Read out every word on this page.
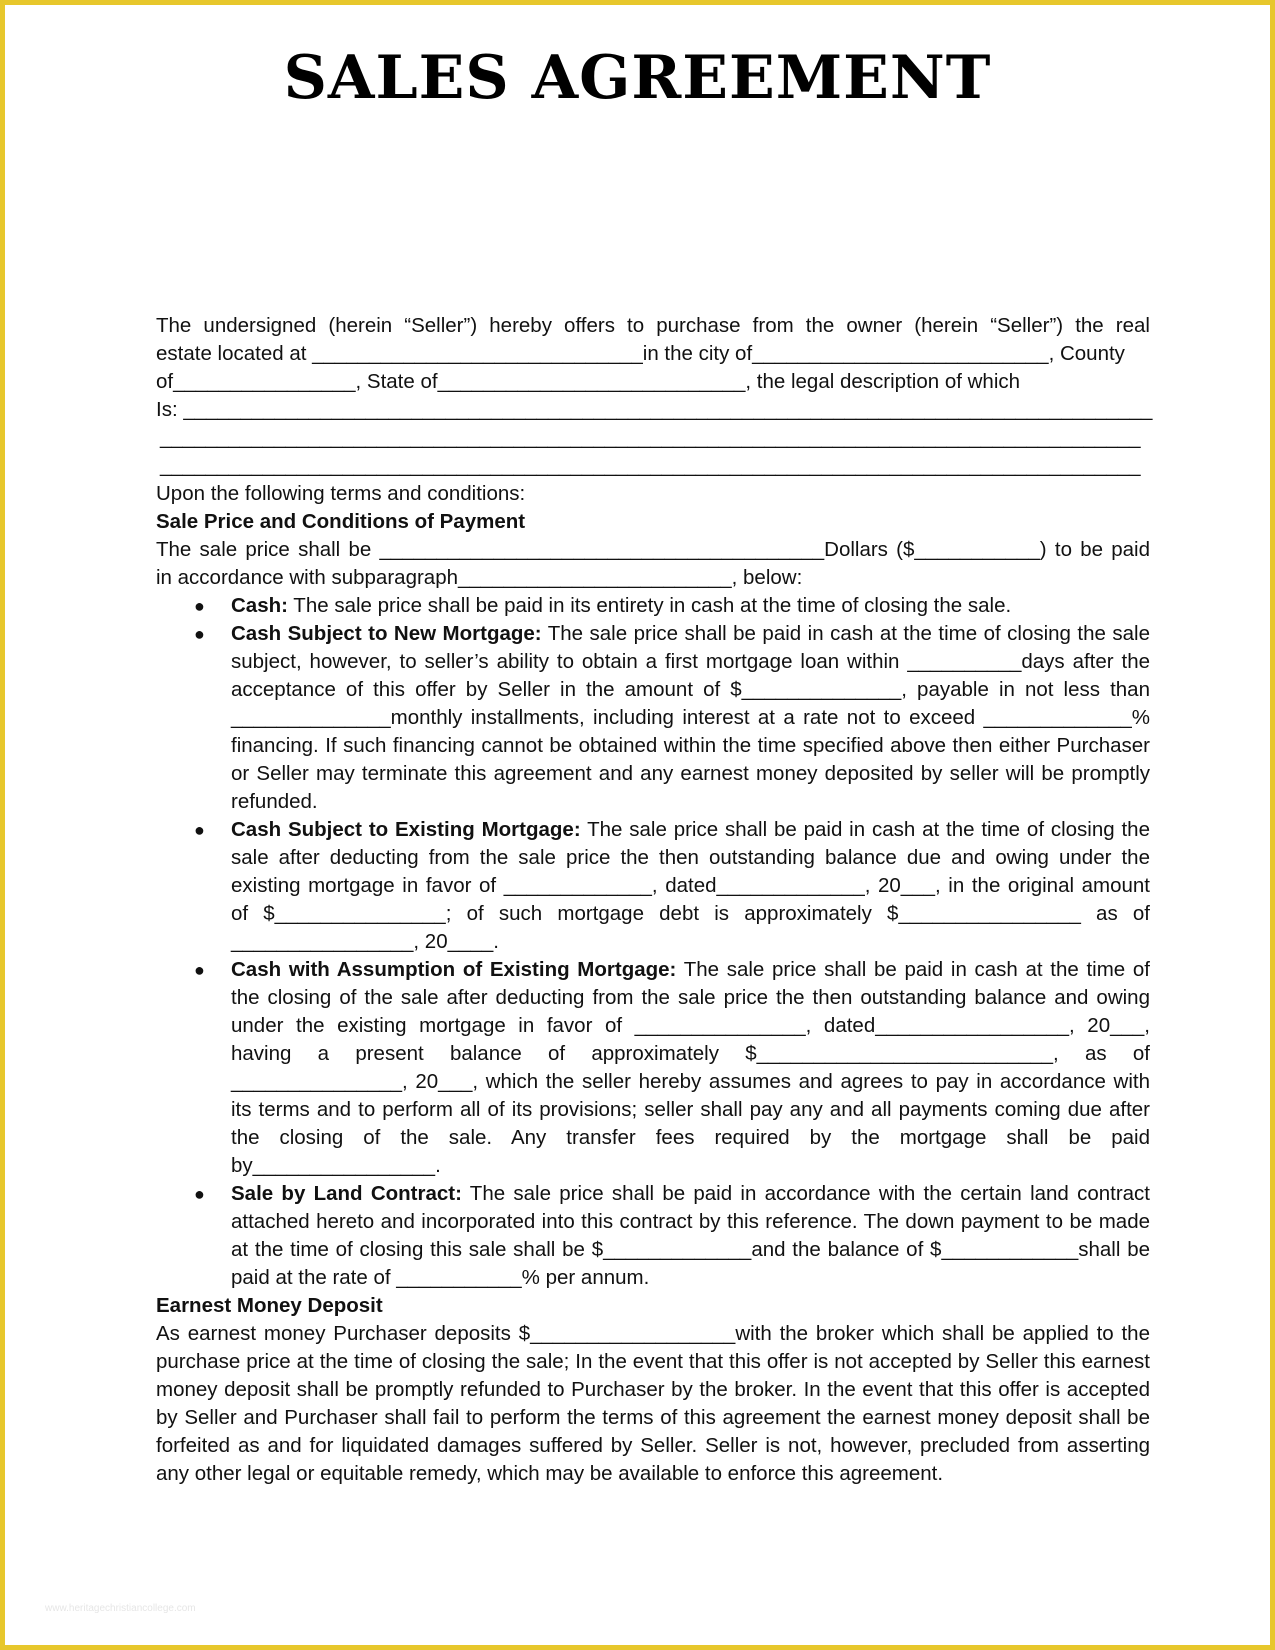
SALES AGREEMENT
The undersigned (herein “Seller”) hereby offers to purchase from the owner (herein “Seller”) the real
estate located at _____________________________in the city of__________________________, County
of________________, State of___________________________, the legal description of which
Is: _____________________________________________________________________________________
______________________________________________________________________________________
______________________________________________________________________________________
Upon the following terms and conditions:
Sale Price and Conditions of Payment
The sale price shall be _______________________________________Dollars ($___________) to be paid
in accordance with subparagraph________________________, below:
● Cash: The sale price shall be paid in its entirety in cash at the time of closing the sale.
● Cash Subject to New Mortgage: The sale price shall be paid in cash at the time of closing the sale subject, however, to seller’s ability to obtain a first mortgage loan within __________days after the acceptance of this offer by Seller in the amount of $______________, payable in not less than ______________monthly installments, including interest at a rate not to exceed _____________% financing. If such financing cannot be obtained within the time specified above then either Purchaser or Seller may terminate this agreement and any earnest money deposited by seller will be promptly refunded.
● Cash Subject to Existing Mortgage: The sale price shall be paid in cash at the time of closing the sale after deducting from the sale price the then outstanding balance due and owing under the existing mortgage in favor of _____________, dated_____________, 20___, in the original amount of $_______________; of such mortgage debt is approximately $________________ as of ________________, 20____.
● Cash with Assumption of Existing Mortgage: The sale price shall be paid in cash at the time of the closing of the sale after deducting from the sale price the then outstanding balance and owing under the existing mortgage in favor of _______________, dated_________________, 20___, having a present balance of approximately $__________________________, as of _______________, 20___, which the seller hereby assumes and agrees to pay in accordance with its terms and to perform all of its provisions; seller shall pay any and all payments coming due after the closing of the sale. Any transfer fees required by the mortgage shall be paid by________________.
● Sale by Land Contract: The sale price shall be paid in accordance with the certain land contract attached hereto and incorporated into this contract by this reference. The down payment to be made at the time of closing this sale shall be $_____________and the balance of $____________shall be paid at the rate of ___________% per annum.
Earnest Money Deposit
As earnest money Purchaser deposits $__________________with the broker which shall be applied to the purchase price at the time of closing the sale; In the event that this offer is not accepted by Seller this earnest money deposit shall be promptly refunded to Purchaser by the broker. In the event that this offer is accepted by Seller and Purchaser shall fail to perform the terms of this agreement the earnest money deposit shall be forfeited as and for liquidated damages suffered by Seller. Seller is not, however, precluded from asserting any other legal or equitable remedy, which may be available to enforce this agreement.
www.heritagechristiancollege.com
